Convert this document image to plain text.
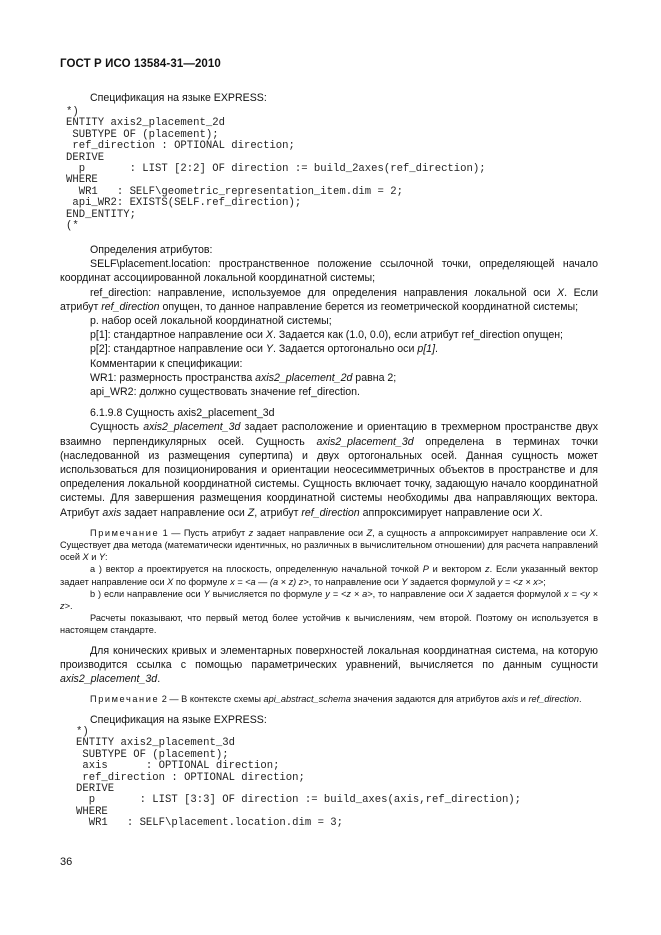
ГОСТ Р ИСО 13584-31—2010

Спецификация на языке EXPRESS:

*)
ENTITY axis2_placement_2d
SUBTYPE OF (placement);
ref_direction : OPTIONAL direction;
DERIVE
p       : LIST [2:2] OF direction := build_2axes(ref_direction);
WHERE
WR1   : SELF\geometric_representation_item.dim = 2;
api_WR2: EXISTS(SELF.ref_direction);
END_ENTITY;
(*

Определения атрибутов:

SELF\placement.location: пространственное положение ссылочной точки, определяющей начало координат ассоциированной локальной координатной системы;

ref_direction: направление, используемое для определения направления локальной оси X. Если атрибут ref_direction опущен, то данное направление берется из геометрической координатной системы;

p. набор осей локальной координатной системы;

p[1]: стандартное направление оси X. Задается как (1.0, 0.0), если атрибут ref_direction опущен;

p[2]: стандартное направление оси Y. Задается ортогонально оси p[1].

Комментарии к спецификации:

WR1: размерность пространства axis2_placement_2d равна 2;

api_WR2: должно существовать значение ref_direction.

6.1.9.8 Сущность axis2_placement_3d

Сущность axis2_placement_3d задает расположение и ориентацию в трехмерном пространстве двух взаимно перпендикулярных осей. Сущность axis2_placement_3d определена в терминах точки (наследованной из размещения супертипа) и двух ортогональных осей. Данная сущность может использоваться для позиционирования и ориентации неосесимметричных объектов в пространстве и для определения локальной координатной системы. Сущность включает точку, задающую начало координатной системы. Для завершения размещения координатной системы необходимы два направляющих вектора. Атрибут axis задает направление оси Z, атрибут ref_direction аппроксимирует направление оси X.

Примечание 1 — Пусть атрибут z задает направление оси Z, а сущность a аппроксимирует направление оси X. Существует два метода (математически идентичных, но различных в вычислительном отношении) для расчета направлений осей X и Y:

а ) вектор a проектируется на плоскость, определенную начальной точкой P и вектором z. Если указанный вектор задает направление оси X по формуле x = <a — (a × z) z>, то направление оси Y задается формулой y = <z × x>;

b ) если направление оси Y вычисляется по формуле y = <z × a>, то направление оси X задается формулой x = <y × z>.

Расчеты показывают, что первый метод более устойчив к вычислениям, чем второй. Поэтому он используется в настоящем стандарте.

Для конических кривых и элементарных поверхностей локальная координатная система, на которую производится ссылка с помощью параметрических уравнений, вычисляется по данным сущности axis2_placement_3d.

Примечание 2 — В контексте схемы api_abstract_schema значения задаются для атрибутов axis и ref_direction.

Спецификация на языке EXPRESS:

*)
ENTITY axis2_placement_3d
SUBTYPE OF (placement);
axis      : OPTIONAL direction;
ref_direction : OPTIONAL direction;
DERIVE
p       : LIST [3:3] OF direction := build_axes(axis,ref_direction);
WHERE
WR1   : SELF\placement.location.dim = 3;
36
